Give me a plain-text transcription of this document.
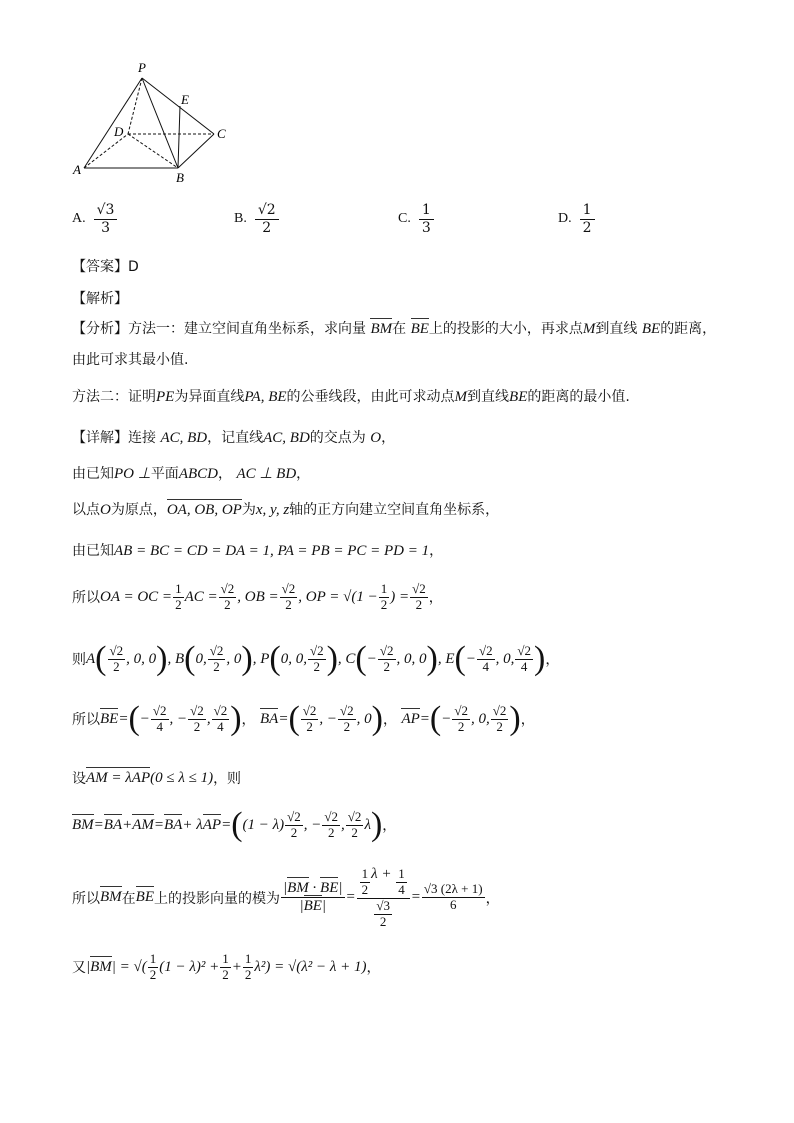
P
E
D	C
A
B
A. $\frac{√3}{3}$	B. $\frac{√2}{2}$	C. $\frac{1}{3}$	D. $\frac{1}{2}$
【答案】D
【解析】
【分析】方法一：建立空间直角坐标系，求向量 BM在 BE上的投影的大小，再求点M到直线 BE的距离，
由此可求其最小值.
方法二：证明PE为异面直线PA, BE的公垂线段，由此可求动点M到直线BE的距离的最小值.
【详解】连接 AC, BD，记直线AC, BD的交点为 O，
由已知PO ⊥平面ABCD， AC ⊥ BD，
以点O为原点，OA, OB, OP为x, y, z轴的正方向建立空间直角坐标系，
由已知AB = BC = CD = DA = 1, PA = PB = PC = PD = 1，
所以 OA = OC = $\frac{1}{2}$ AC = $\frac{√2}{2}$ , OB = $\frac{√2}{2}$ , OP = $√(1 - \frac{1}{2}$ ) = $\frac{√2}{2}$ ，
则 A ( √2
2 , 0, 0 ) , B ( 0,
√2
2 , 0 ) , P ( 0, 0,
√2
2 ) , C ( − $\frac{√2}{2}$ , 0, 0 ) , E ( − $\frac{√2}{4}$ , 0,
√2
4 ) ，
所以 BE = ( − $\frac{√2}{4}$ , − $\frac{√2}{2}$ ,
√2
4 ) ， BA = ( √2
2 , − $\frac{√2}{2}$ , 0 ) ， AP = ( − $\frac{√2}{2}$ , 0,
√2
2 ) ，
设 AM = λAP (0 ≤ λ ≤ 1) ，则
BM = BA + AM = BA + λ AP = ( (1 − λ)
√2
2 , − $\frac{√2}{2}$ ,
√2
2 λ ) ，
所以 BM 在 BE 上的投影向量的模为 $\frac{|BM \cdot BE|}{|BE|} = \frac{\frac{1}{2} \lambda + \frac{1}{4}}{\frac{√3}{2}} = \frac{√3 (2\lambda + 1)}{6}$ ，
又 | BM | = √(
1
2 $(1 - \lambda)^2 + \frac{1}{2} + \frac{1}{2} \lambda^2) = √(\lambda^2 - \lambda + 1)$ ，
